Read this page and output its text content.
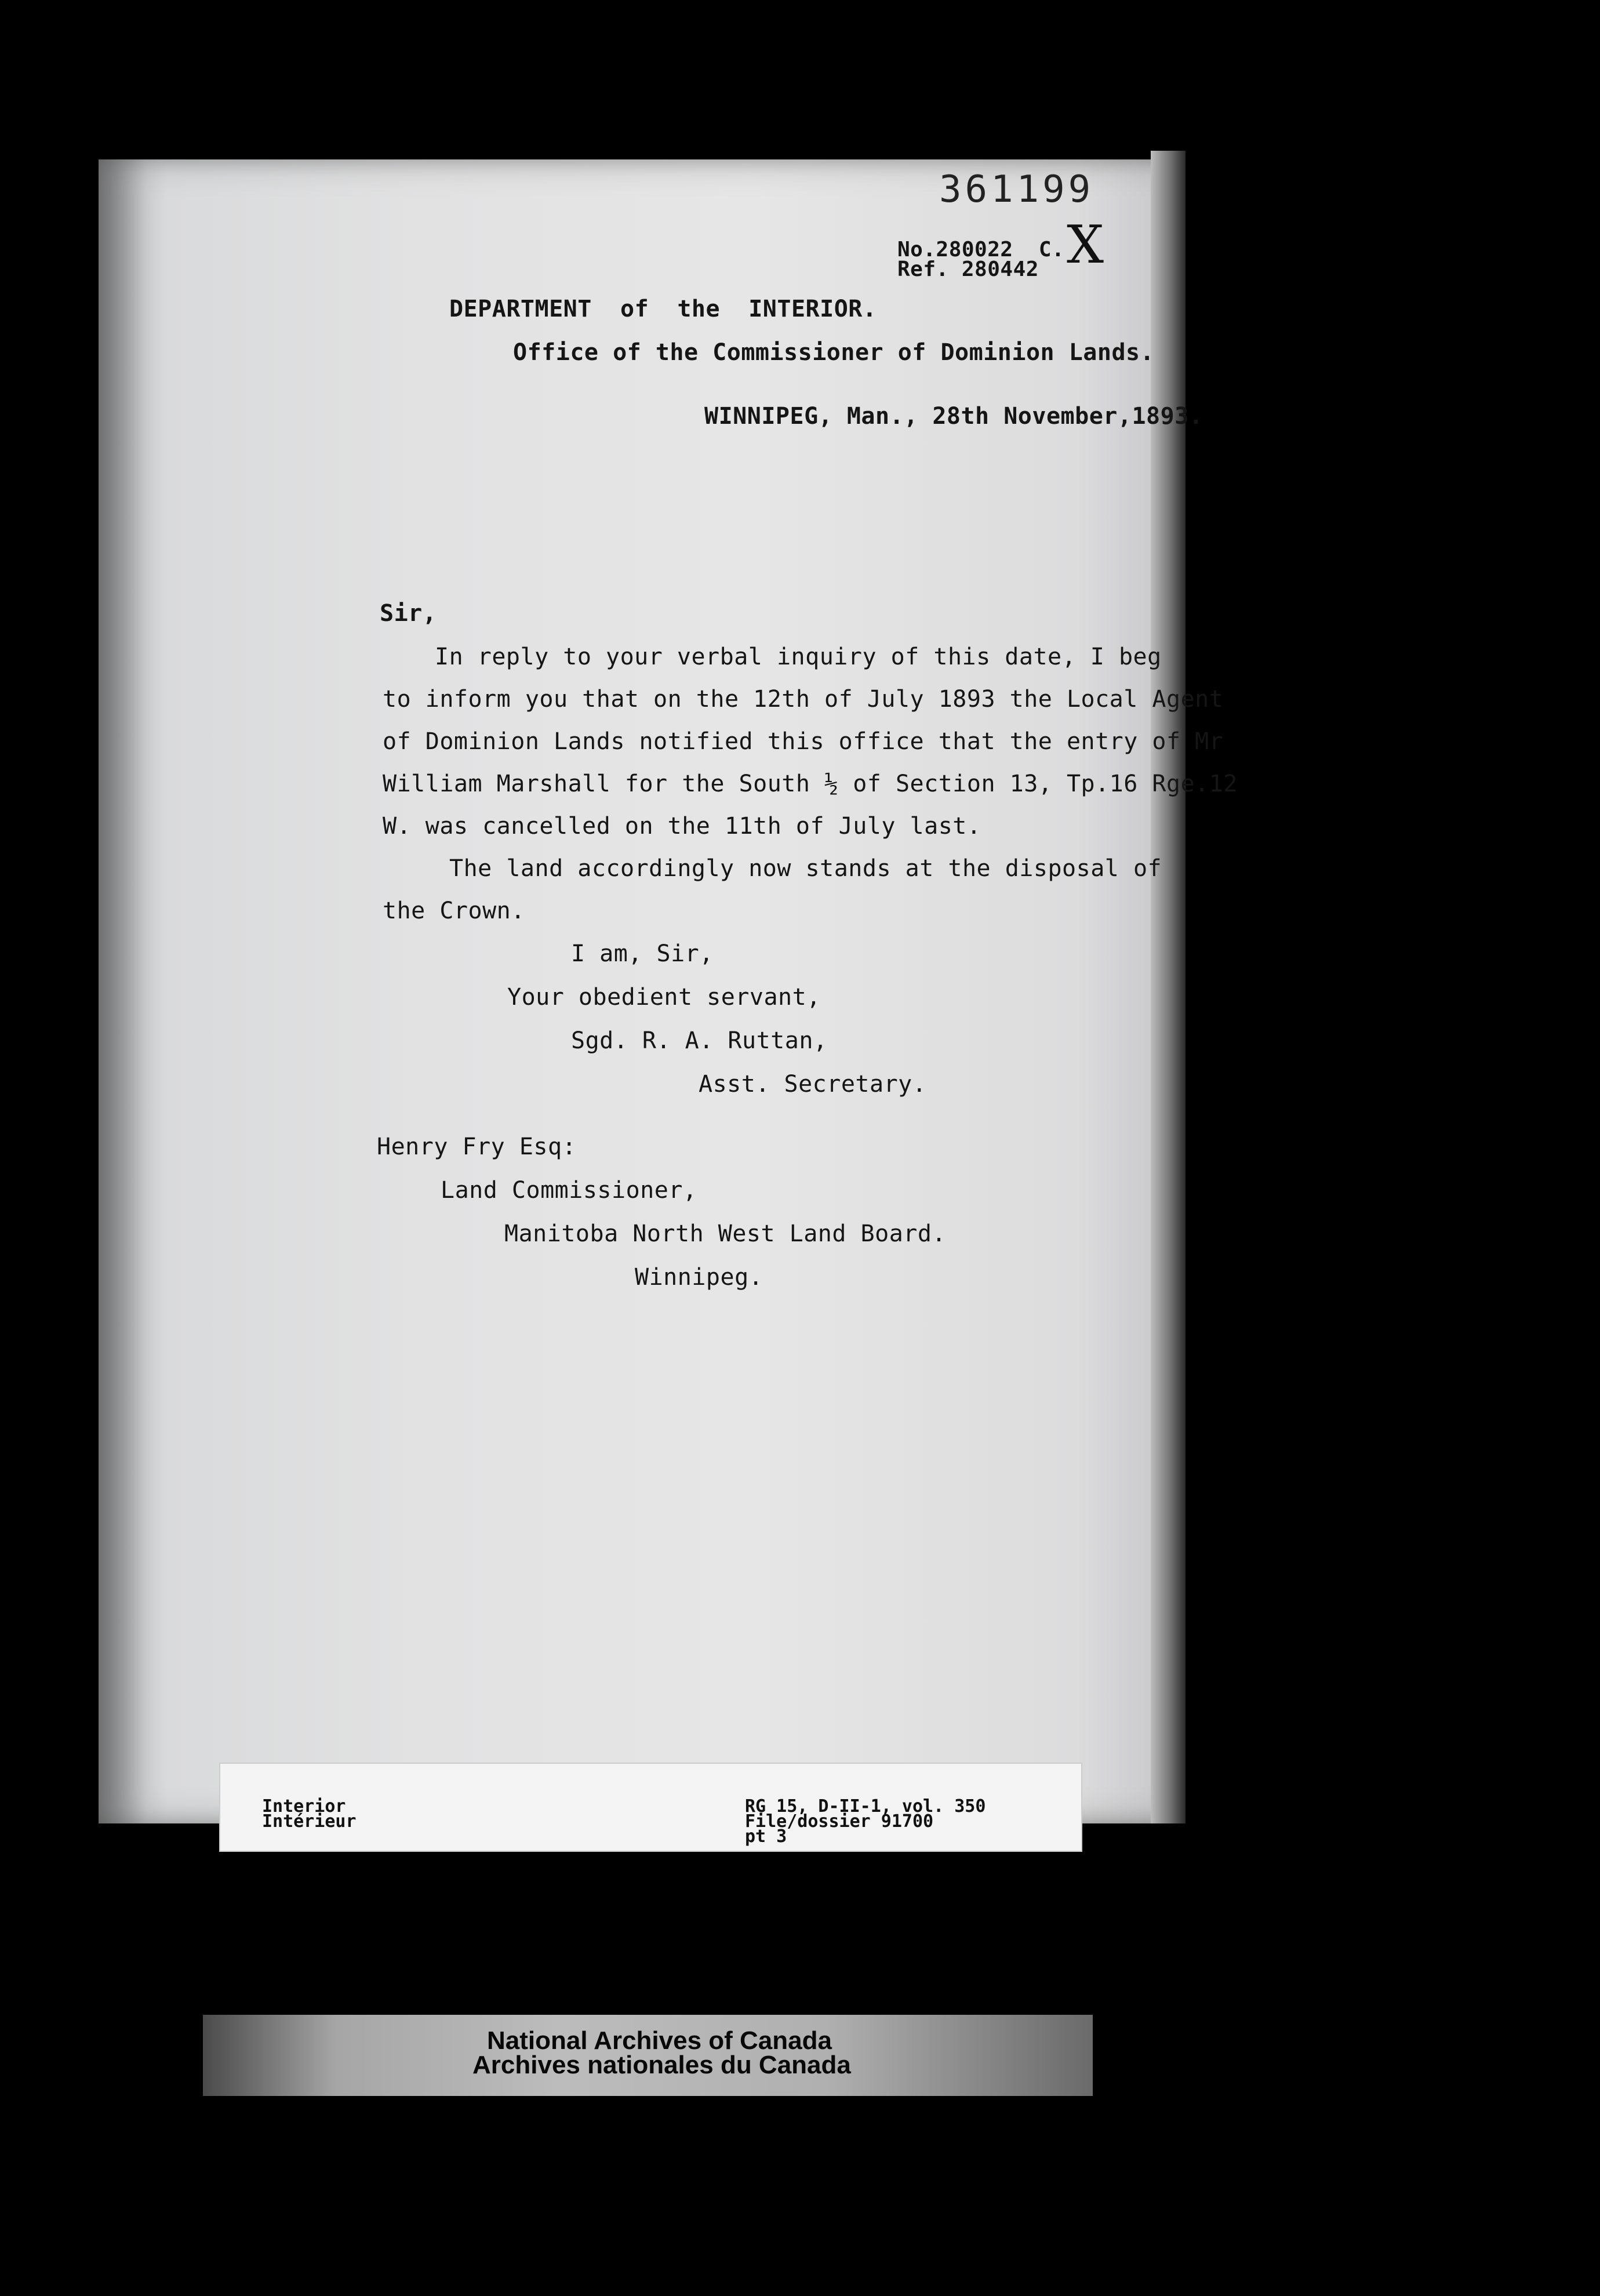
361199
X
No.280022  C.
Ref. 280442
DEPARTMENT  of  the  INTERIOR.
Office of the Commissioner of Dominion Lands.
WINNIPEG, Man., 28th November,1893.
Sir,
In reply to your verbal inquiry of this date, I beg
to inform you that on the 12th of July 1893 the Local Agent
of Dominion Lands notified this office that the entry of Mr
William Marshall for the South ½ of Section 13, Tp.16 Rge.12
W. was cancelled on the 11th of July last.
The land accordingly now stands at the disposal of
the Crown.
I am, Sir,
Your obedient servant,
Sgd. R. A. Ruttan,
Asst. Secretary.
Henry Fry Esq:
Land Commissioner,
Manitoba North West Land Board.
Winnipeg.
Interior
Intérieur
RG 15, D-II-1, vol. 350
File/dossier 91700
pt 3
National Archives of Canada
Archives nationales du Canada
